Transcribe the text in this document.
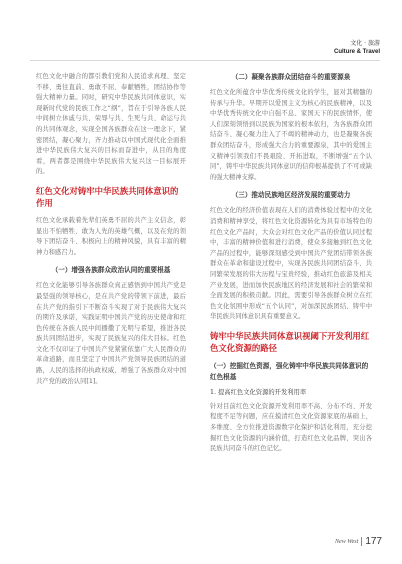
文化 · 旅游
Culture & Travel

红色文化中融合的都引教们党和人民追求真理、坚定不移、勇往直前、勇敢不屈、奉献牺牲，团结协作等强大精神力量。同时，研究中华民族共同体意识，实现新时代党的民族工作之“纲”，旨在于引导各族人民中间树立休戚与共、荣辱与共、生死与共、命运与共的共同体观念，实现全国各族群众在这一理念下，紧密团结，凝心聚力，齐力推动以中国式现代化全面推进中华民族伟大复兴的目标而奋进中，从目的角度看，两者都是围绕中华民族伟大复兴这一目标展开的。

红色文化对铸牢中华民族共同体意识的作用

红色文化承载着先辈们英勇不屈的共产主义信念，彰显出不怕牺牲、敢为人先的英雄气概，以及在党的领导下团结奋斗、积极向上的精神风貌，具有丰富的精神力和感召力。

（一）增强各族群众政治认同的重要根基

红色文化能够引导各族群众真正感悟到中国共产党是最坚强的领导核心，是在共产党的带领下前进，最后在共产党的指引下不断奋斗实现了对于民族伟大复兴的期许及承诺，实践证明中国共产党的历史使命和红色传统在各族人民中间播撒了光明与希望，推进各民族共同团结进步，实现了民族复兴的伟大目标。红色文化不仅印证了中国共产党紧紧依靠广大人民群众的革命道路，而且坚定了中国共产党领导民族团结的道路，人民的选择的执政权威，增强了各族群众对中国共产党的政治认同[1]。

（二）凝聚各族群众团结奋斗的重要源泉

红色文化所蕴含中华优秀传统文化的学生，显对其精髓的传承与升华。早期开以爱国主义为核心的民族精神，以及中华优秀传统文化中自强不息、家国天下的民族情怀，使人们深刻领悟到以民族为国家的根本依归，为各族群众团结奋斗、凝心聚力注入了不竭的精神动力，也是凝聚各族群众团结奋斗，形成强大合力的重要源泉，其中的爱国主义精神引领我们不畏艰险、开拓进取，不断增强“五个认同”，铸牢中华民族共同体意识的信仰根基提供了不可或缺的强大精神支撑。

（三）推动民族地区经济发展的重要动力

红色文化的经济价值表现在人们的消费体验过程中的文化消费和精神享受，将红色文化资源转化为具有市场特色的红色文化产品时，大众会对红色文化产品的价值认同过程中，丰富的精神价值和进行消费，使众多接触到红色文化产品的过程中，能够深刻感受到中国共产党团结带领各族群众在革命和建设过程中，实现各民族共同团结奋斗、共同繁荣发展的伟大历程与宝贵经验，推动红色旅游及相关产业发展，进而加快民族地区的经济发展和社会的繁荣和全面发展的积极贡献。因此，需要引导各族群众树立在红色文化氛围中形成“五个认同”，对加深民族团结、铸牢中华民族共同体意识具有重要意义。

铸牢中华民族共同体意识视阈下开发利用红色文化资源的路径
（一）挖掘红色资源，强化铸牢中华民族共同体意识的红色根基
1. 提高红色文化资源的开发利用率

针对目前红色文化资源开发利用率不高、分布不均、开发程度不足等问题，应在摸清红色文化资源家底的基础上，多维度、全方位推进资源数字化保护和活化利用，充分挖掘红色文化资源的内涵价值，打造红色文化品牌，突出各民族共同奋斗的红色记忆。

New West 177
